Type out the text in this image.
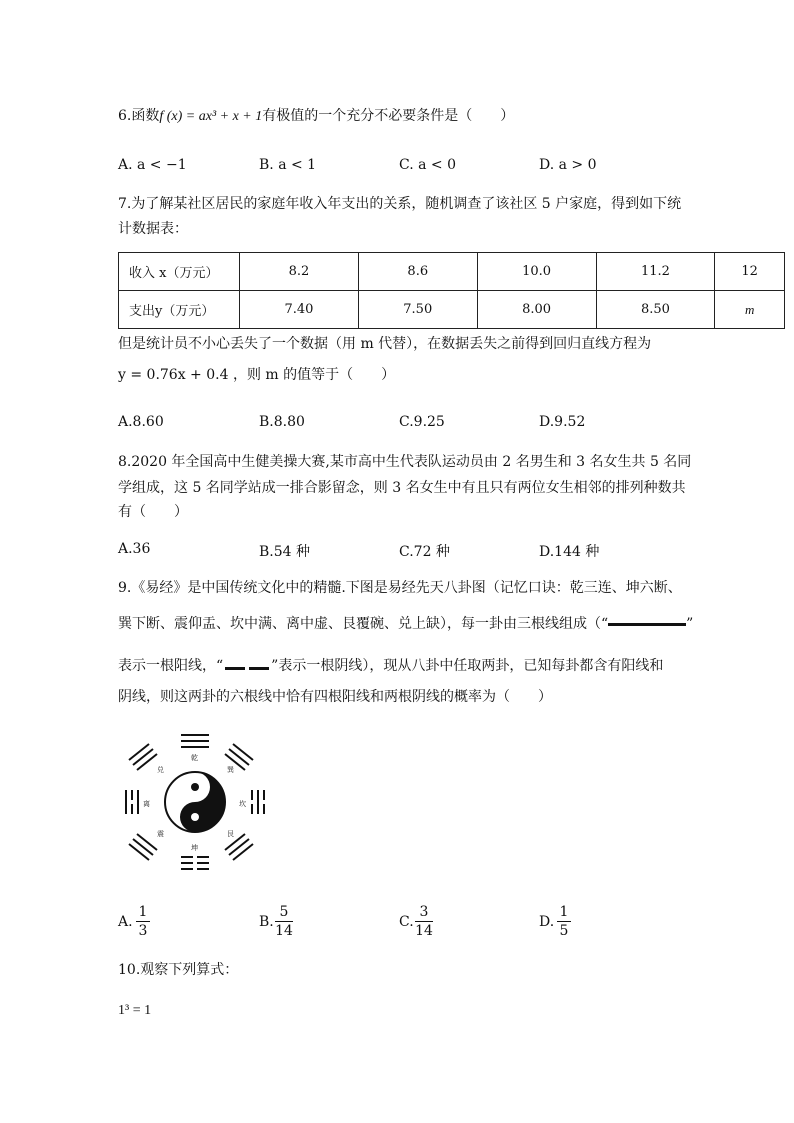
6.函数f (x) = ax³ + x + 1有极值的一个充分不必要条件是（　　）
A. a < −1	B. a < 1	C. a < 0	D. a > 0
7.为了解某社区居民的家庭年收入年支出的关系，随机调查了该社区 5 户家庭，得到如下统
计数据表：
收入 x（万元）	8.2	8.6	10.0	11.2	12
支出y（万元）	7.40	7.50	8.00	8.50	m
但是统计员不小心丢失了一个数据（用 m 代替），在数据丢失之前得到回归直线方程为
y = 0.76x + 0.4 ，则 m 的值等于（　　）
A.8.60	B.8.80	C.9.25	D.9.52
8.2020 年全国高中生健美操大赛,某市高中生代表队运动员由 2 名男生和 3 名女生共 5 名同
学组成，这 5 名同学站成一排合影留念，则 3 名女生中有且只有两位女生相邻的排列种数共
有（　　）
A.36	B.54 种	C.72 种	D.144 种
9.《易经》是中国传统文化中的精髓.下图是易经先天八卦图（记忆口诀：乾三连、坤六断、
巽下断、震仰盂、坎中满、离中虚、艮覆碗、兑上缺），每一卦由三根线组成（“	”
表示一根阳线，“	”表示一根阴线），现从八卦中任取两卦，已知每卦都含有阳线和
阴线，则这两卦的六根线中恰有四根阳线和两根阴线的概率为（　　）
乾
坤
离	坎
兑	巽
震	艮
A.
1
3
B.
5
14
C.
3
14
D.
1
5
10.观察下列算式：
1³ = 1
